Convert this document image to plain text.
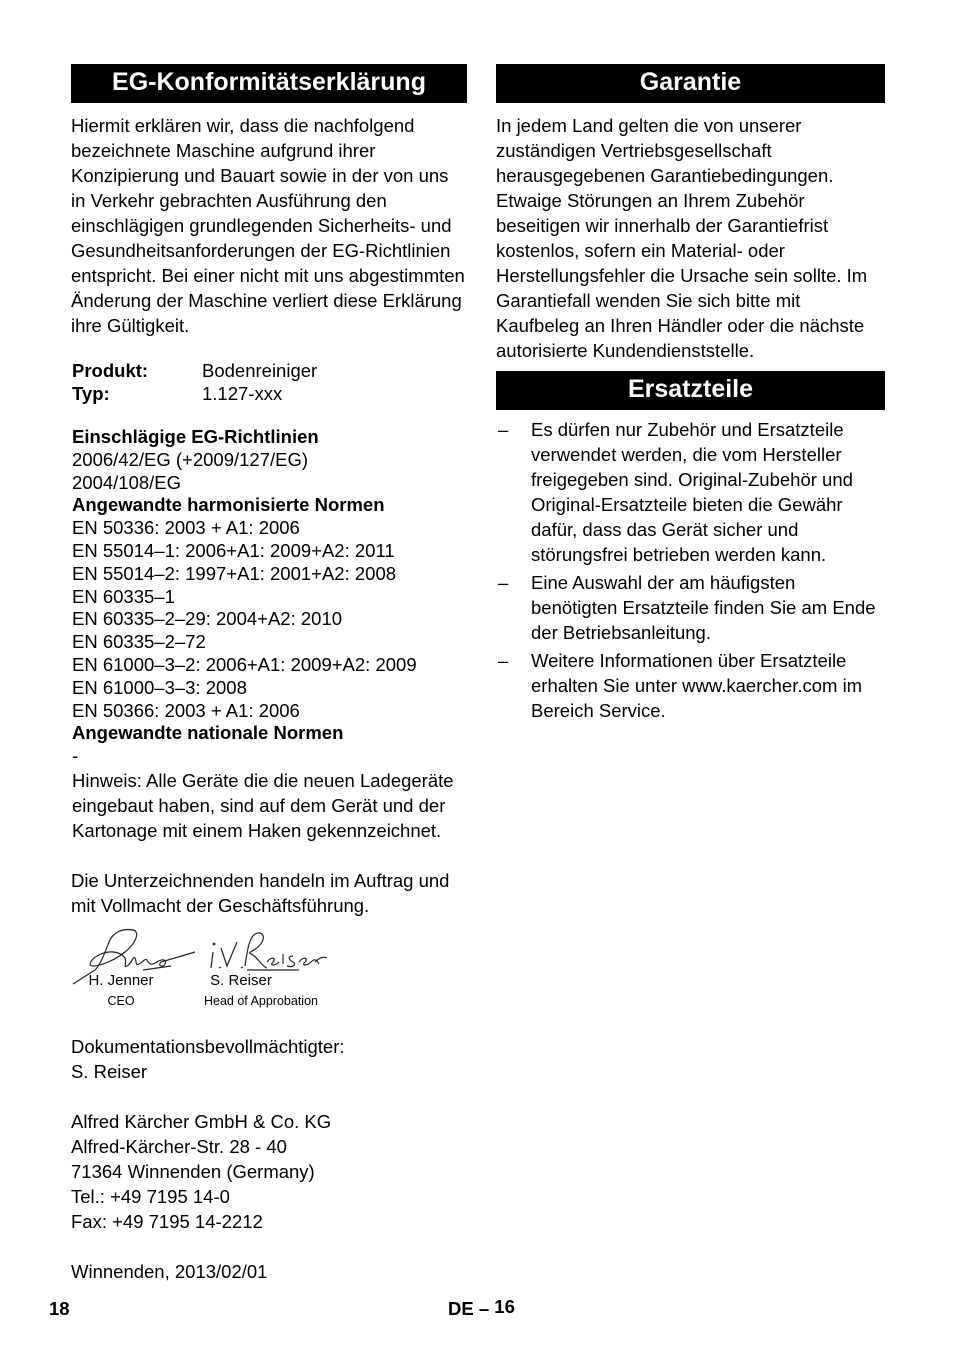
EG-Konformitätserklärung
Hiermit erklären wir, dass die nachfolgend bezeichnete Maschine aufgrund ihrer Konzipierung und Bauart sowie in der von uns in Verkehr gebrachten Ausführung den einschlägigen grundlegenden Sicherheits- und Gesundheitsanforderungen der EG-Richtlinien entspricht. Bei einer nicht mit uns abgestimmten Änderung der Maschine verliert diese Erklärung ihre Gültigkeit.
Produkt:	Bodenreiniger
Typ:	1.127-xxx
Einschlägige EG-Richtlinien
2006/42/EG (+2009/127/EG)
2004/108/EG
Angewandte harmonisierte Normen
EN 50336: 2003 + A1: 2006
EN 55014–1: 2006+A1: 2009+A2: 2011
EN 55014–2: 1997+A1: 2001+A2: 2008
EN 60335–1
EN 60335–2–29: 2004+A2: 2010
EN 60335–2–72
EN 61000–3–2: 2006+A1: 2009+A2: 2009
EN 61000–3–3: 2008
EN 50366: 2003 + A1: 2006
Angewandte nationale Normen
-
Hinweis: Alle Geräte die die neuen Ladegeräte eingebaut haben, sind auf dem Gerät und der Kartonage mit einem Haken gekennzeichnet.
Die Unterzeichnenden handeln im Auftrag und mit Vollmacht der Geschäftsführung.
H. Jenner
CEO
S. Reiser
Head of Approbation
Dokumentationsbevollmächtigter:
S. Reiser
Alfred Kärcher GmbH & Co. KG
Alfred-Kärcher-Str. 28 - 40
71364 Winnenden (Germany)
Tel.: +49 7195 14-0
Fax: +49 7195 14-2212
Winnenden, 2013/02/01
Garantie
In jedem Land gelten die von unserer zuständigen Vertriebsgesellschaft herausgegebenen Garantiebedingungen. Etwaige Störungen an Ihrem Zubehör beseitigen wir innerhalb der Garantiefrist kostenlos, sofern ein Material- oder Herstellungsfehler die Ursache sein sollte. Im Garantiefall wenden Sie sich bitte mit Kaufbeleg an Ihren Händler oder die nächste autorisierte Kundendienststelle.
Ersatzteile
–	Es dürfen nur Zubehör und Ersatzteile verwendet werden, die vom Hersteller freigegeben sind. Original-Zubehör und Original-Ersatzteile bieten die Gewähr dafür, dass das Gerät sicher und störungsfrei betrieben werden kann.
–	Eine Auswahl der am häufigsten benötigten Ersatzteile finden Sie am Ende der Betriebsanleitung.
–	Weitere Informationen über Ersatzteile erhalten Sie unter www.kaercher.com im Bereich Service.
18	DE – 16
